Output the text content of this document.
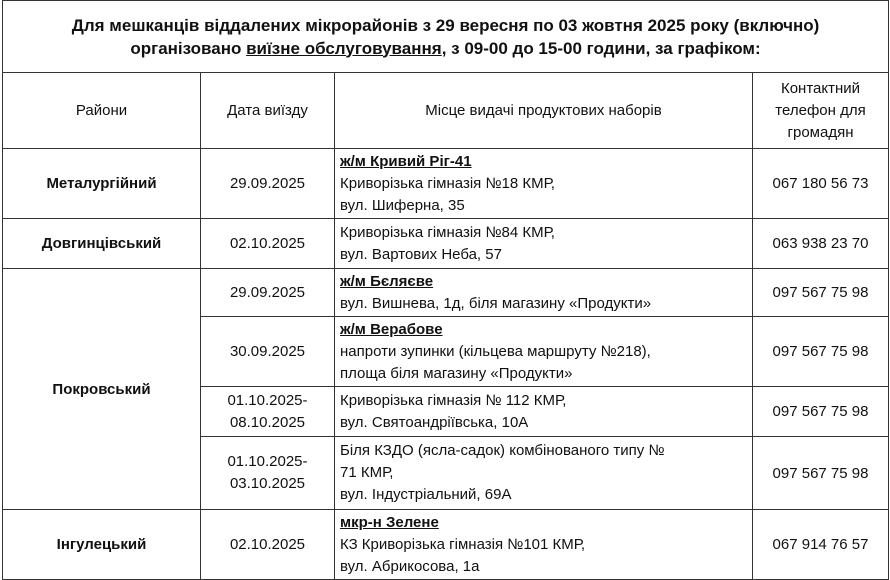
Для мешканців віддалених мікрорайонів з 29 вересня по 03 жовтня 2025 року (включно)
організовано виїзне обслуговування, з 09-00 до 15-00 години, за графіком:			

Райони	Дата виїзду	Місце видачі продуктових наборів	Контактний
телефон для
громадян

Металургійний	29.09.2025	ж/м Кривий Ріг-41
Криворізька гімназія №18 КМР,
вул. Шиферна, 35	067 180 56 73
Довгинцівський	02.10.2025	Криворізька гімназія №84 КМР,
вул. Вартових Неба, 57	063 938 23 70
Покровський	29.09.2025	ж/м Бєляєве
вул. Вишнева, 1д, біля магазину «Продукти»	097 567 75 98

	30.09.2025	ж/м Верабове
напроти зупинки (кільцева маршруту №218),
площа біля магазину «Продукти»	097 567 75 98

	01.10.2025-
08.10.2025	Криворізька гімназія № 112 КМР,
вул. Святоандріївська, 10А	097 567 75 98

	01.10.2025-
03.10.2025	Біля КЗДО (ясла-садок) комбінованого типу №
71 КМР,
вул. Індустріальний, 69А	097 567 75 98
Інгулецький	02.10.2025	мкр-н Зелене
КЗ Криворізька гімназія №101 КМР,
вул. Абрикосова, 1а	067 914 76 57
